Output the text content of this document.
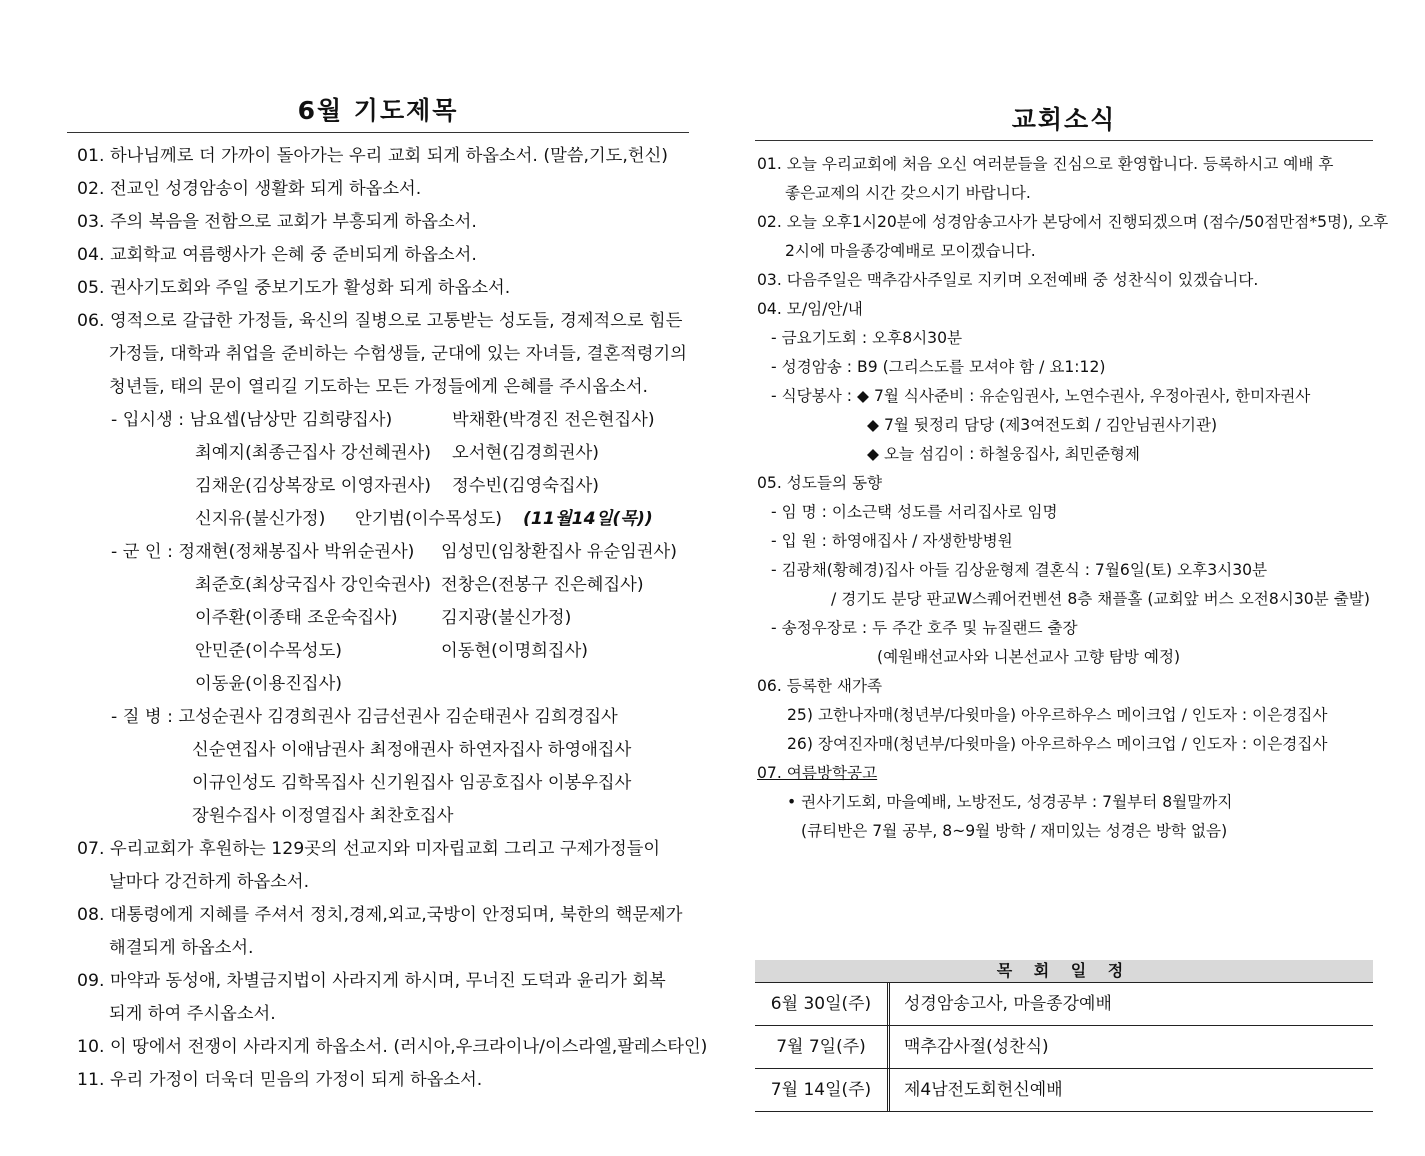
6월 기도제목
01. 하나님께로 더 가까이 돌아가는 우리 교회 되게 하옵소서. (말씀,기도,헌신)
02. 전교인 성경암송이 생활화 되게 하옵소서.
03. 주의 복음을 전함으로 교회가 부흥되게 하옵소서.
04. 교회학교 여름행사가 은혜 중 준비되게 하옵소서.
05. 권사기도회와 주일 중보기도가 활성화 되게 하옵소서.
06. 영적으로 갈급한 가정들, 육신의 질병으로 고통받는 성도들, 경제적으로 힘든
가정들, 대학과 취업을 준비하는 수험생들, 군대에 있는 자녀들, 결혼적령기의
청년들, 태의 문이 열리길 기도하는 모든 가정들에게 은혜를 주시옵소서.
- 입시생 : 남요셉(남상만 김희량집사)	박채환(박경진 전은현집사)
최예지(최종근집사 강선혜권사) 오서현(김경희권사)
김채운(김상복장로 이영자권사) 정수빈(김영숙집사)
신지유(불신가정) 안기범(이수목성도) (11월14일(목))
- 군 인 : 정재현(정채봉집사 박위순권사) 임성민(임창환집사 유순임권사)
최준호(최상국집사 강인숙권사) 전창은(전봉구 진은혜집사)
이주환(이종태 조운숙집사)	김지광(불신가정)
안민준(이수목성도)	이동현(이명희집사)
이동윤(이용진집사)
- 질 병 : 고성순권사 김경희권사 김금선권사 김순태권사 김희경집사
신순연집사 이애남권사 최정애권사 하연자집사 하영애집사
이규인성도 김학목집사 신기원집사 임공호집사 이봉우집사
장원수집사 이정열집사 최찬호집사
07. 우리교회가 후원하는 129곳의 선교지와 미자립교회 그리고 구제가정들이
날마다 강건하게 하옵소서.
08. 대통령에게 지혜를 주셔서 정치,경제,외교,국방이 안정되며, 북한의 핵문제가
해결되게 하옵소서.
09. 마약과 동성애, 차별금지법이 사라지게 하시며, 무너진 도덕과 윤리가 회복
되게 하여 주시옵소서.
10. 이 땅에서 전쟁이 사라지게 하옵소서. (러시아,우크라이나/이스라엘,팔레스타인)
11. 우리 가정이 더욱더 믿음의 가정이 되게 하옵소서.
교회소식
01. 오늘 우리교회에 처음 오신 여러분들을 진심으로 환영합니다. 등록하시고 예배 후
좋은교제의 시간 갖으시기 바랍니다.
02. 오늘 오후1시20분에 성경암송고사가 본당에서 진행되겠으며 (점수/50점만점*5명), 오후
2시에 마을종강예배로 모이겠습니다.
03. 다음주일은 맥추감사주일로 지키며 오전예배 중 성찬식이 있겠습니다.
04. 모/임/안/내
- 금요기도회 : 오후8시30분
- 성경암송 : B9 (그리스도를 모셔야 함 / 요1:12)
- 식당봉사 : ◆ 7월 식사준비 : 유순임권사, 노연수권사, 우정아권사, 한미자권사
◆ 7월 뒷정리 담당 (제3여전도회 / 김안님권사기관)
◆ 오늘 섬김이 : 하철웅집사, 최민준형제
05. 성도들의 동향
- 임 명 : 이소근택 성도를 서리집사로 임명
- 입 원 : 하영애집사 / 자생한방병원
- 김광채(황혜경)집사 아들 김상윤형제 결혼식 : 7월6일(토) 오후3시30분
/ 경기도 분당 판교W스퀘어컨벤션 8층 채플홀 (교회앞 버스 오전8시30분 출발)
- 송정우장로 : 두 주간 호주 및 뉴질랜드 출장
(예원배선교사와 니본선교사 고향 탐방 예정)
06. 등록한 새가족
25) 고한나자매(청년부/다윗마을) 아우르하우스 메이크업 / 인도자 : 이은경집사
26) 장여진자매(청년부/다윗마을) 아우르하우스 메이크업 / 인도자 : 이은경집사
07. 여름방학공고
• 권사기도회, 마을예배, 노방전도, 성경공부 : 7월부터 8월말까지
(큐티반은 7월 공부, 8~9월 방학 / 재미있는 성경은 방학 없음)
목 회 일 정
6월 30일(주)	성경암송고사, 마을종강예배
7월 7일(주)	맥추감사절(성찬식)
7월 14일(주)	제4남전도회헌신예배
